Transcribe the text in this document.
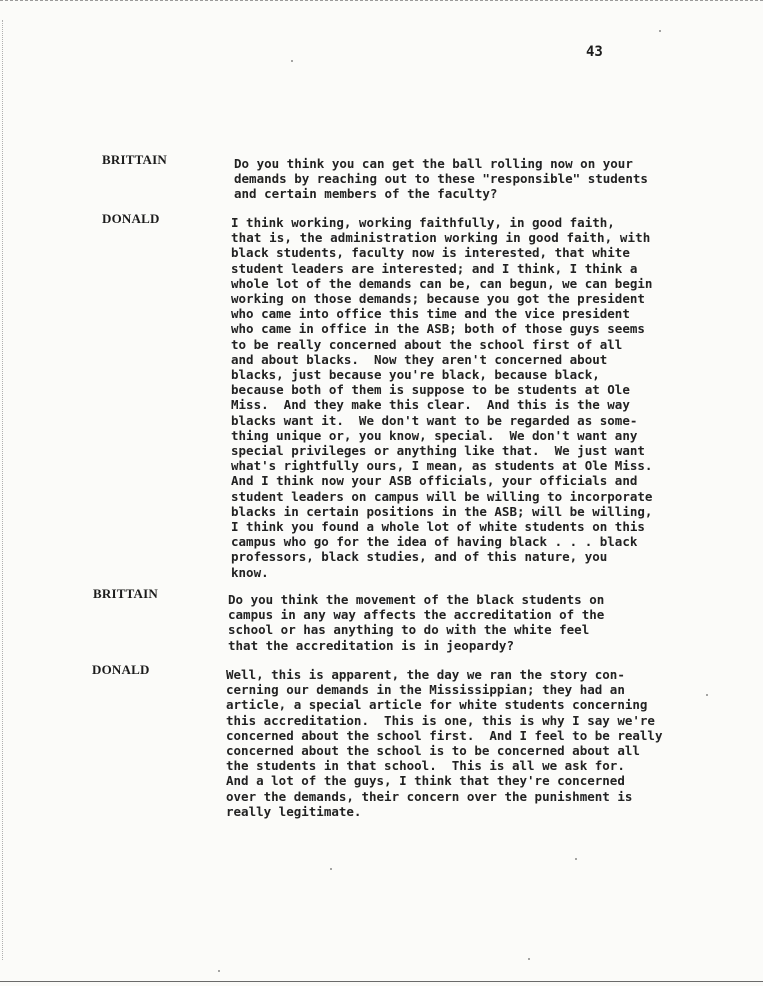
43
BRITTAIN	Do you think you can get the ball rolling now on your
demands by reaching out to these "responsible" students
and certain members of the faculty?
DONALD	I think working, working faithfully, in good faith,
that is, the administration working in good faith, with
black students, faculty now is interested, that white
student leaders are interested; and I think, I think a
whole lot of the demands can be, can begun, we can begin
working on those demands; because you got the president
who came into office this time and the vice president
who came in office in the ASB; both of those guys seems
to be really concerned about the school first of all
and about blacks.  Now they aren't concerned about
blacks, just because you're black, because black,
because both of them is suppose to be students at Ole
Miss.  And they make this clear.  And this is the way
blacks want it.  We don't want to be regarded as some-
thing unique or, you know, special.  We don't want any
special privileges or anything like that.  We just want
what's rightfully ours, I mean, as students at Ole Miss.
And I think now your ASB officials, your officials and
student leaders on campus will be willing to incorporate
blacks in certain positions in the ASB; will be willing,
I think you found a whole lot of white students on this
campus who go for the idea of having black . . . black
professors, black studies, and of this nature, you
know.
BRITTAIN	Do you think the movement of the black students on
campus in any way affects the accreditation of the
school or has anything to do with the white feel
that the accreditation is in jeopardy?
DONALD	Well, this is apparent, the day we ran the story con-
cerning our demands in the Mississippian; they had an
article, a special article for white students concerning
this accreditation.  This is one, this is why I say we're
concerned about the school first.  And I feel to be really
concerned about the school is to be concerned about all
the students in that school.  This is all we ask for.
And a lot of the guys, I think that they're concerned
over the demands, their concern over the punishment is
really legitimate.
